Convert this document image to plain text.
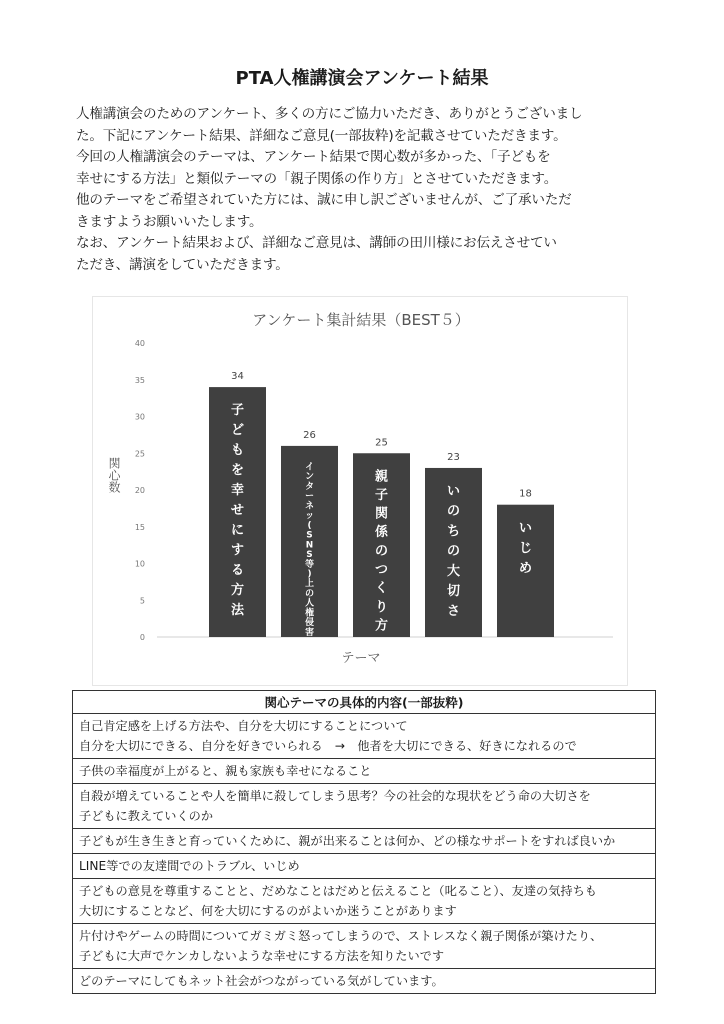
PTA人権講演会アンケート結果

人権講演会のためのアンケート、多くの方にご協力いただき、ありがとうございまし

た。下記にアンケート結果、詳細なご意見(一部抜粋)を記載させていただきます。

今回の人権講演会のテーマは、アンケート結果で関心数が多かった、「子どもを

幸せにする方法」と類似テーマの「親子関係の作り方」とさせていただきます。

他のテーマをご希望されていた方には、誠に申し訳ございませんが、ご了承いただ

きますようお願いいたします。

なお、アンケート結果および、詳細なご意見は、講師の田川様にお伝えさせてい

ただき、講演をしていただきます。

アンケート集計結果（BEST５）
関心数
テーマ
0
5
10
15
20
25
30
35
40
34
子
ど
も
を
幸
せ
に
す
る
方
法
26
イ
ン
タ
ー
ネ
ッ
(
S
N
S
等
)
上
の
人
権
侵
害
25
親
子
関
係
の
つ
く
り
方
23
い
の
ち
の
大
切
さ
18
い
じ
め
関心テーマの具体的内容(一部抜粋)
自己肯定感を上げる方法や、自分を大切にすることについて
自分を大切にできる、自分を好きでいられる　→　他者を大切にできる、好きになれるので
子供の幸福度が上がると、親も家族も幸せになること
自殺が増えていることや人を簡単に殺してしまう思考？今の社会的な現状をどう命の大切さを
子どもに教えていくのか
子どもが生き生きと育っていくために、親が出来ることは何か、どの様なサポートをすれば良いか
LINE等での友達間でのトラブル、いじめ
子どもの意見を尊重することと、だめなことはだめと伝えること（叱ること）、友達の気持ちも
大切にすることなど、何を大切にするのがよいか迷うことがあります
片付けやゲームの時間についてガミガミ怒ってしまうので、ストレスなく親子関係が築けたり、
子どもに大声でケンカしないような幸せにする方法を知りたいです
どのテーマにしてもネット社会がつながっている気がしています。
